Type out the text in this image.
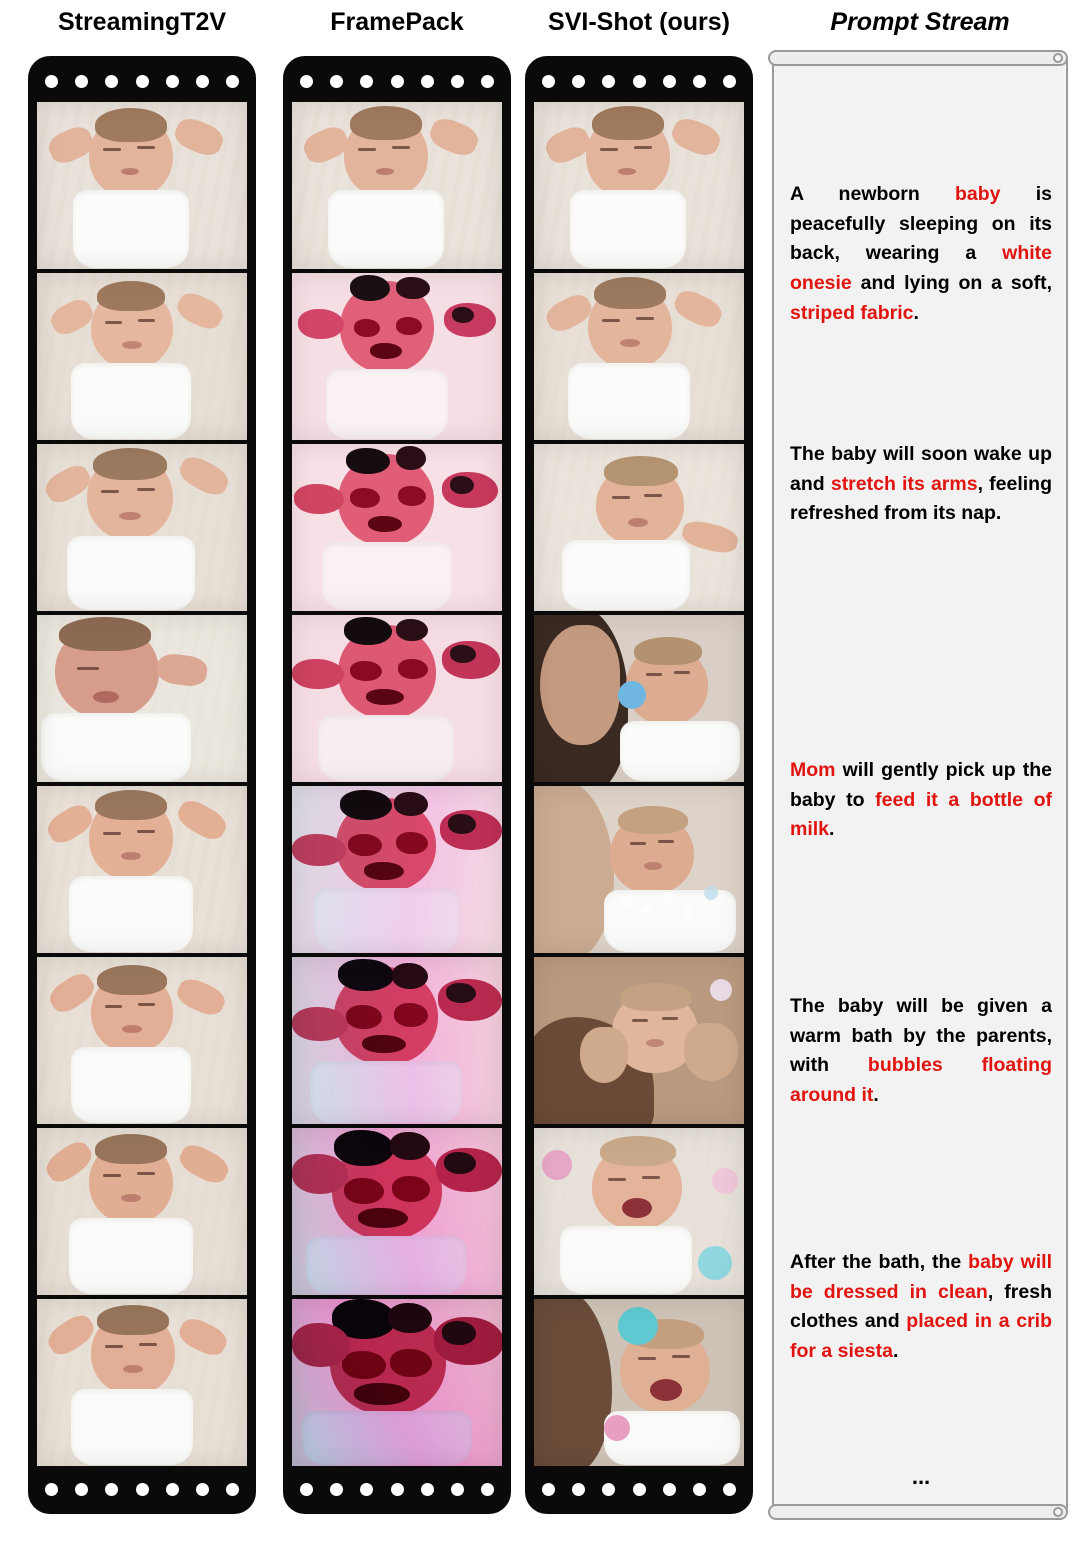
StreamingT2V	FramePack	SVI-Shot (ours)	Prompt Stream
A newborn baby is peacefully sleeping on its back, wearing a white onesie and lying on a soft, striped fabric.
The baby will soon wake up and stretch its arms, feeling refreshed from its nap.
Mom will gently pick up the baby to feed it a bottle of milk.
The baby will be given a warm bath by the parents, with bubbles floating around it.
After the bath, the baby will be dressed in clean, fresh clothes and placed in a crib for a siesta.
...
